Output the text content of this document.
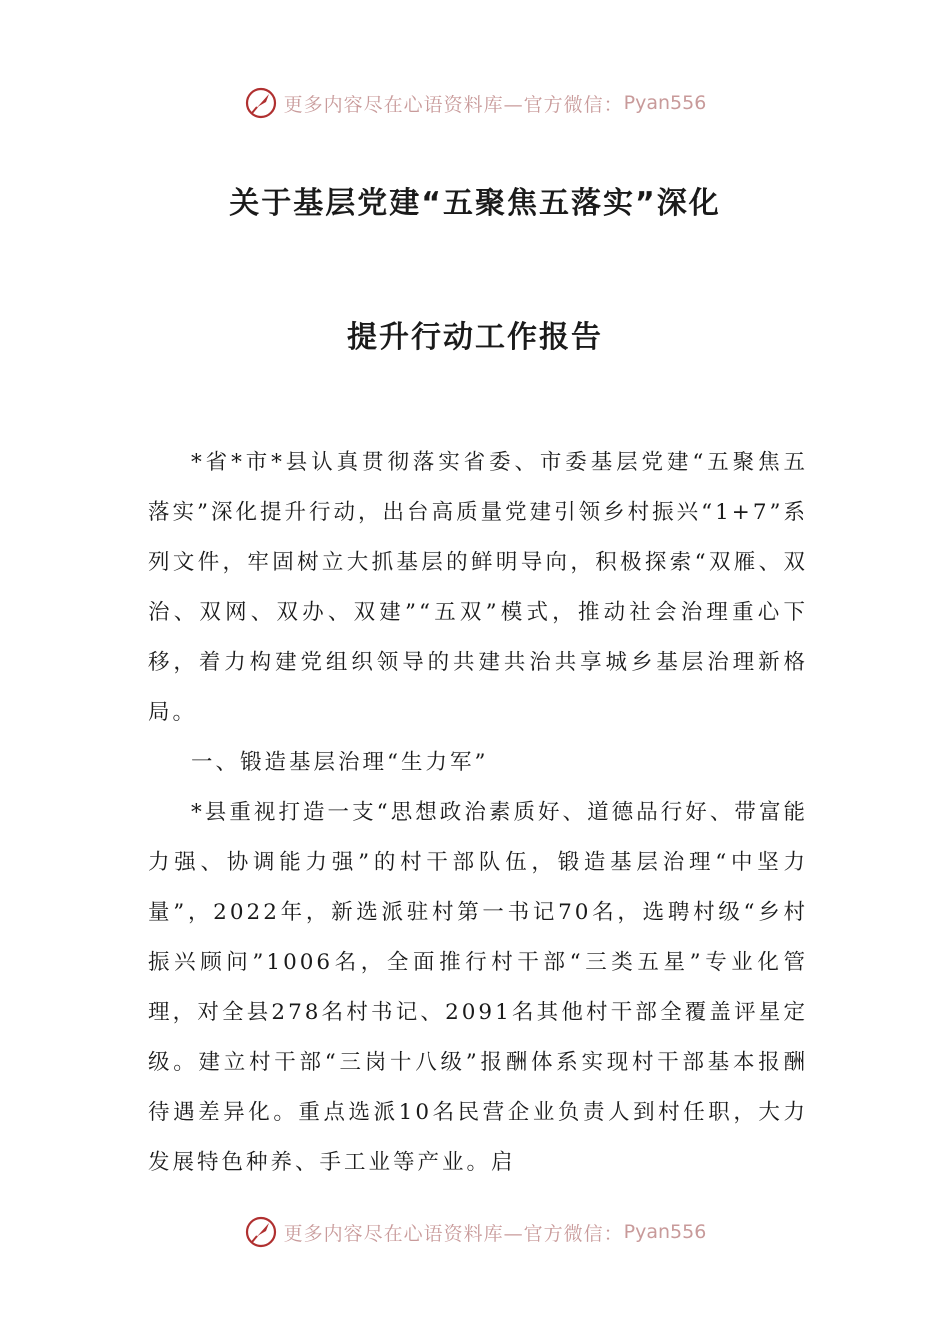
更多内容尽在心语资料库—官方微信： Pyan556
关于基层党建“五聚焦五落实”深化
提升行动工作报告

*省*市*县认真贯彻落实省委、市委基层党建“五聚焦五落实”深化提升行动，出台高质量党建引领乡村振兴“1+7”系列文件，牢固树立大抓基层的鲜明导向，积极探索“双雁、双治、双网、双办、双建”“五双”模式，推动社会治理重心下移，着力构建党组织领导的共建共治共享城乡基层治理新格局。

一、锻造基层治理“生力军”

*县重视打造一支“思想政治素质好、道德品行好、带富能力强、协调能力强”的村干部队伍，锻造基层治理“中坚力量”，2022年，新选派驻村第一书记70名，选聘村级“乡村振兴顾问”1006名，全面推行村干部“三类五星”专业化管理，对全县278名村书记、2091名其他村干部全覆盖评星定级。建立村干部“三岗十八级”报酬体系实现村干部基本报酬待遇差异化。重点选派10名民营企业负责人到村任职，大力发展特色种养、手工业等产业。启

更多内容尽在心语资料库—官方微信： Pyan556
